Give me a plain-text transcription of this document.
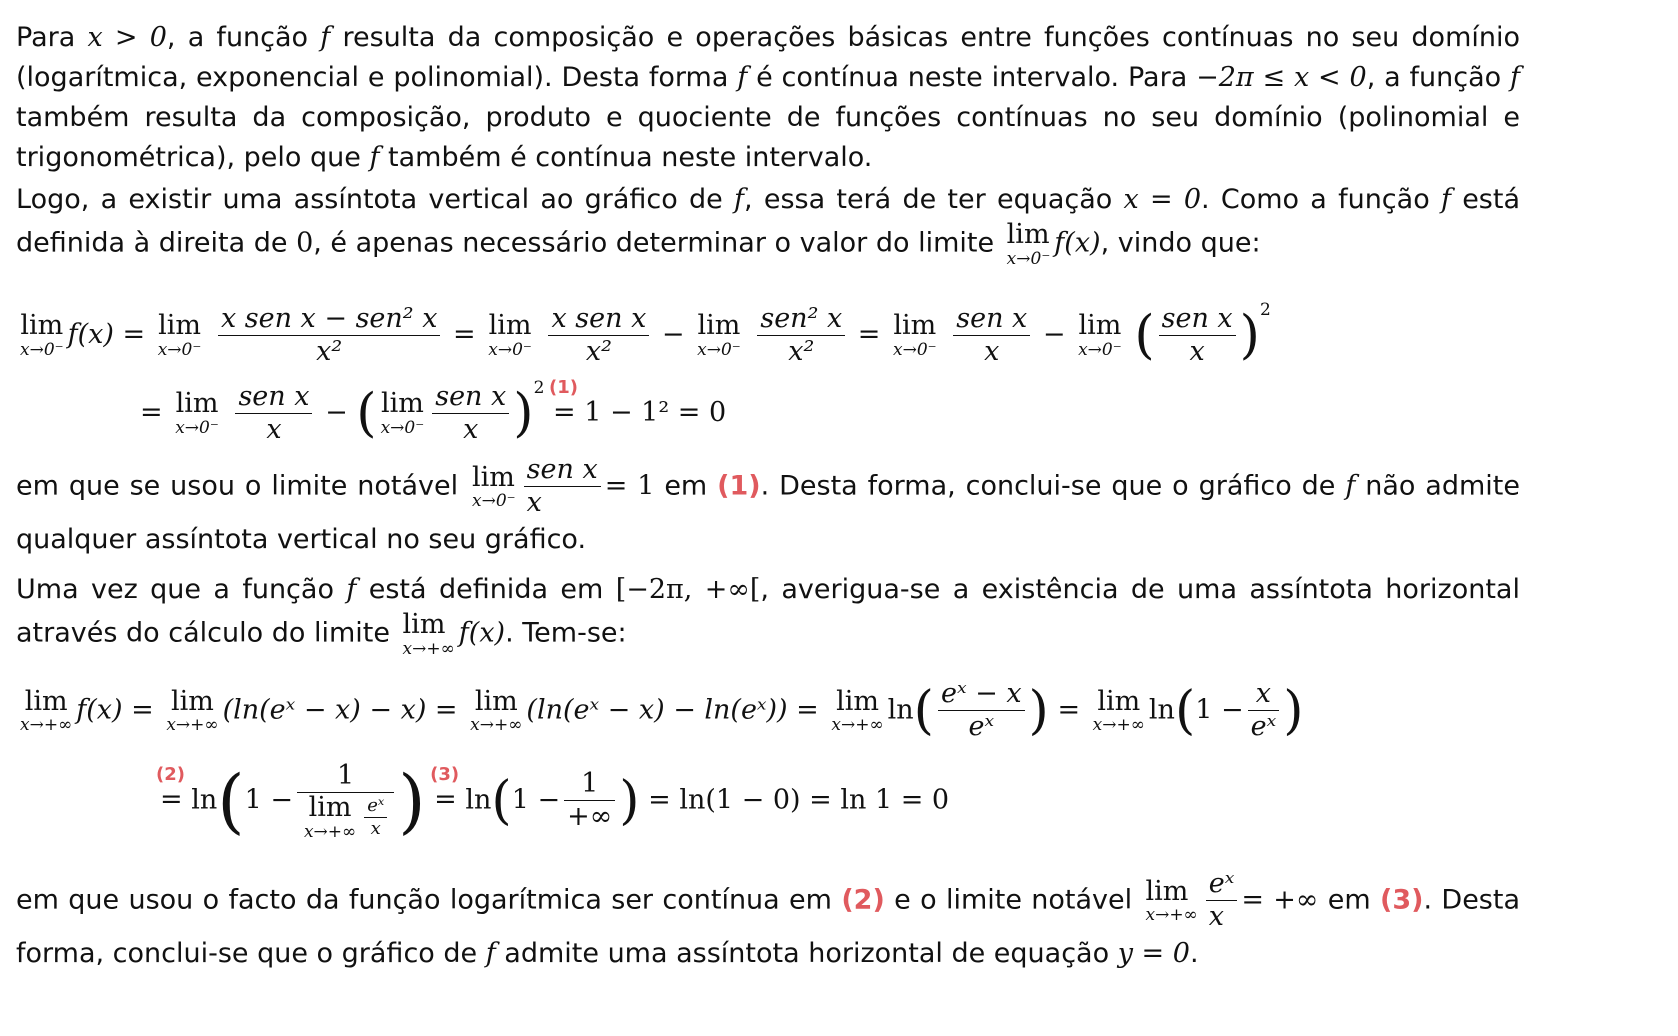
Para x > 0, a função f resulta da composição e operações básicas entre funções contínuas no seu domínio (logarítmica, exponencial e polinomial). Desta forma f é contínua neste intervalo. Para −2π ≤ x < 0, a função f também resulta da composição, produto e quociente de funções contínuas no seu domínio (polinomial e trigonométrica), pelo que f também é contínua neste intervalo.

Logo, a existir uma assíntota vertical ao gráfico de f, essa terá de ter equação x = 0. Como a função f está definida à direita de 0, é apenas necessário determinar o valor do limite lim
x→0⁻ f(x), vindo que:

lim
x→0⁻ f(x) = lim
x→0⁻
$\frac{\text{x sen x − sen² x}}{\text{x²}} = \lim$
x→0⁻
$\frac{\text{x sen x}}{\text{x²}} - \lim$
x→0⁻
$\frac{\text{sen² x}}{\text{x²}} = \lim$
x→0⁻
$\frac{\text{sen x}}{x} - \lim$
x→0⁻ ( $\frac{\text{sen x}}{x} )^2$
= lim
x→0⁻
$\frac{\text{sen x}}{x}$ − ( lim
$x\to 0^- \frac{\text{sen x}}{x} )^2$ (1)
= 1 − 1² = 0

em que se usou o limite notável lim
$x\to 0^- \frac{\text{sen x}}{x} = 1$ em (1). Desta forma, conclui-se que o gráfico de f não admite qualquer assíntota vertical no seu gráfico.

Uma vez que a função f está definida em [−2π, +∞[, averigua-se a existência de uma assíntota horizontal através do cálculo do limite lim
x→+∞ f(x). Tem-se:

lim
x→+∞ f(x) = lim
x→+∞ (ln(eˣ − x) − x) = lim
x→+∞ (ln(eˣ − x) − ln(eˣ)) = lim
x→+∞ $\ln( \frac{\text{eˣ − x}}{\text{eˣ}}$ ) = lim
x→+∞ $\ln(1 - \frac{x}{\text{eˣ}}$ )
(2)
= ln(1 − 1
lim
$x\to+\infty \frac{\text{eˣ}}{x}$ ) (3)
= $\ln(1 - \frac{1}{+\infty}$ ) = ln(1 − 0) = ln 1 = 0

em que usou o facto da função logarítmica ser contínua em (2) e o limite notável lim
$x\to+\infty \frac{\text{eˣ}}{x}$ = +∞ em (3). Desta forma, conclui-se que o gráfico de f admite uma assíntota horizontal de equação y = 0.
